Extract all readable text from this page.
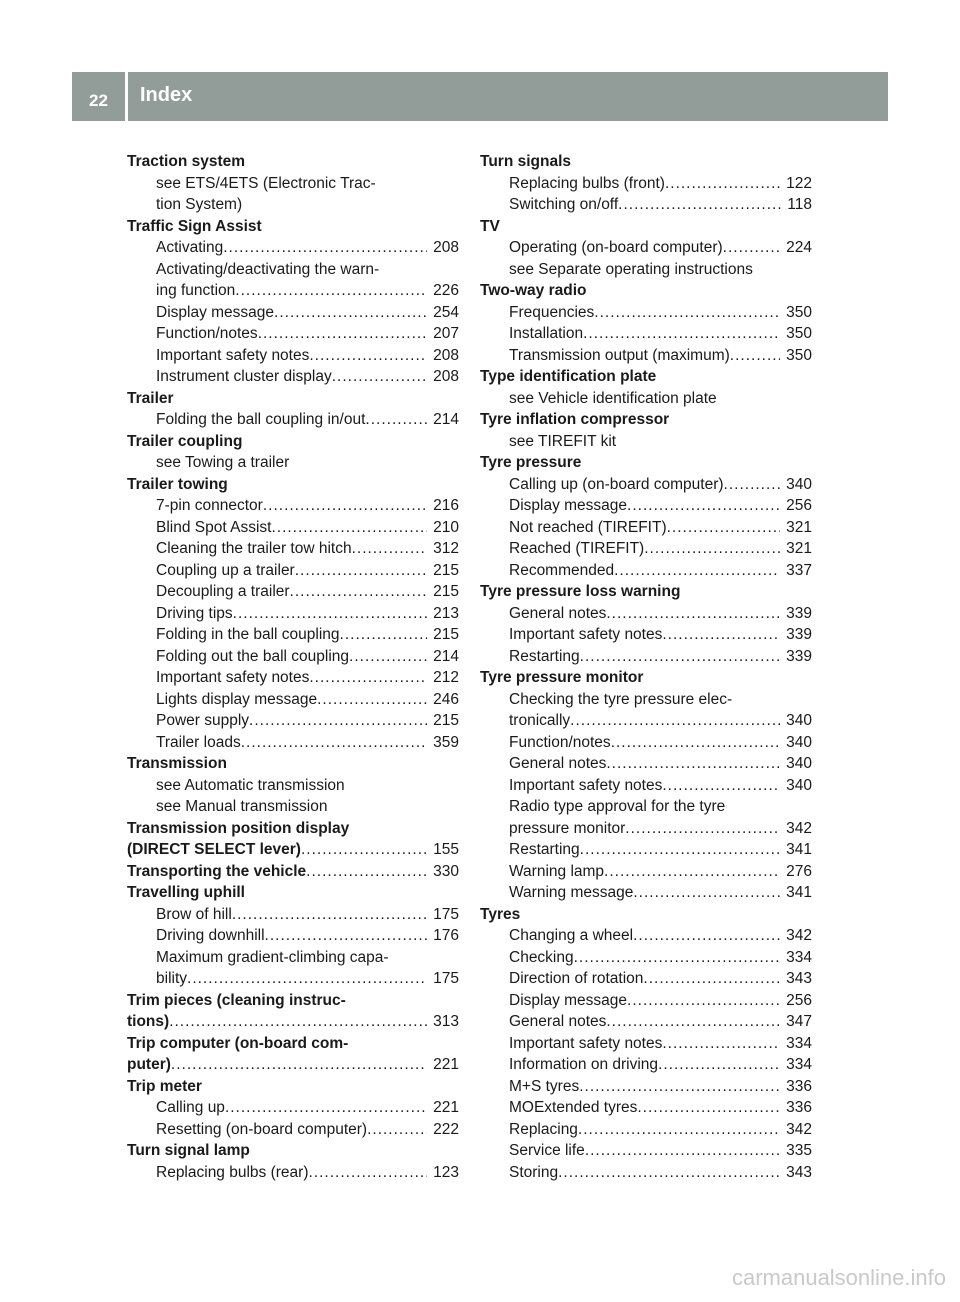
22	Index
Traction system
see ETS/4ETS (Electronic Trac-
tion System)
Traffic Sign Assist
Activating .....	208
Activating/deactivating the warn-
ing function .....	226
Display message .....	254
Function/notes .....	207
Important safety notes .....	208
Instrument cluster display .....	208
Trailer
Folding the ball coupling in/out .....	214
Trailer coupling
see Towing a trailer
Trailer towing
7-pin connector .....	216
Blind Spot Assist .....	210
Cleaning the trailer tow hitch .....	312
Coupling up a trailer .....	215
Decoupling a trailer .....	215
Driving tips .....	213
Folding in the ball coupling .....	215
Folding out the ball coupling .....	214
Important safety notes .....	212
Lights display message .....	246
Power supply .....	215
Trailer loads .....	359
Transmission
see Automatic transmission
see Manual transmission
Transmission position display
(DIRECT SELECT lever) .....	155
Transporting the vehicle .....	330
Travelling uphill
Brow of hill .....	175
Driving downhill .....	176
Maximum gradient-climbing capa-
bility .....	175
Trim pieces (cleaning instruc-
tions) .....	313
Trip computer (on-board com-
puter) .....	221
Trip meter
Calling up .....	221
Resetting (on-board computer) .....	222
Turn signal lamp
Replacing bulbs (rear) .....	123
Turn signals
Replacing bulbs (front) .....	122
Switching on/off .....	118
TV
Operating (on-board computer) .....	224
see Separate operating instructions
Two-way radio
Frequencies .....	350
Installation .....	350
Transmission output (maximum) .....	350
Type identification plate
see Vehicle identification plate
Tyre inflation compressor
see TIREFIT kit
Tyre pressure
Calling up (on-board computer) .....	340
Display message .....	256
Not reached (TIREFIT) .....	321
Reached (TIREFIT) .....	321
Recommended .....	337
Tyre pressure loss warning
General notes .....	339
Important safety notes .....	339
Restarting .....	339
Tyre pressure monitor
Checking the tyre pressure elec-
tronically .....	340
Function/notes .....	340
General notes .....	340
Important safety notes .....	340
Radio type approval for the tyre
pressure monitor .....	342
Restarting .....	341
Warning lamp .....	276
Warning message .....	341
Tyres
Changing a wheel .....	342
Checking .....	334
Direction of rotation .....	343
Display message .....	256
General notes .....	347
Important safety notes .....	334
Information on driving .....	334
M+S tyres .....	336
MOExtended tyres .....	336
Replacing .....	342
Service life .....	335
Storing .....	343
carmanualsonline.info
